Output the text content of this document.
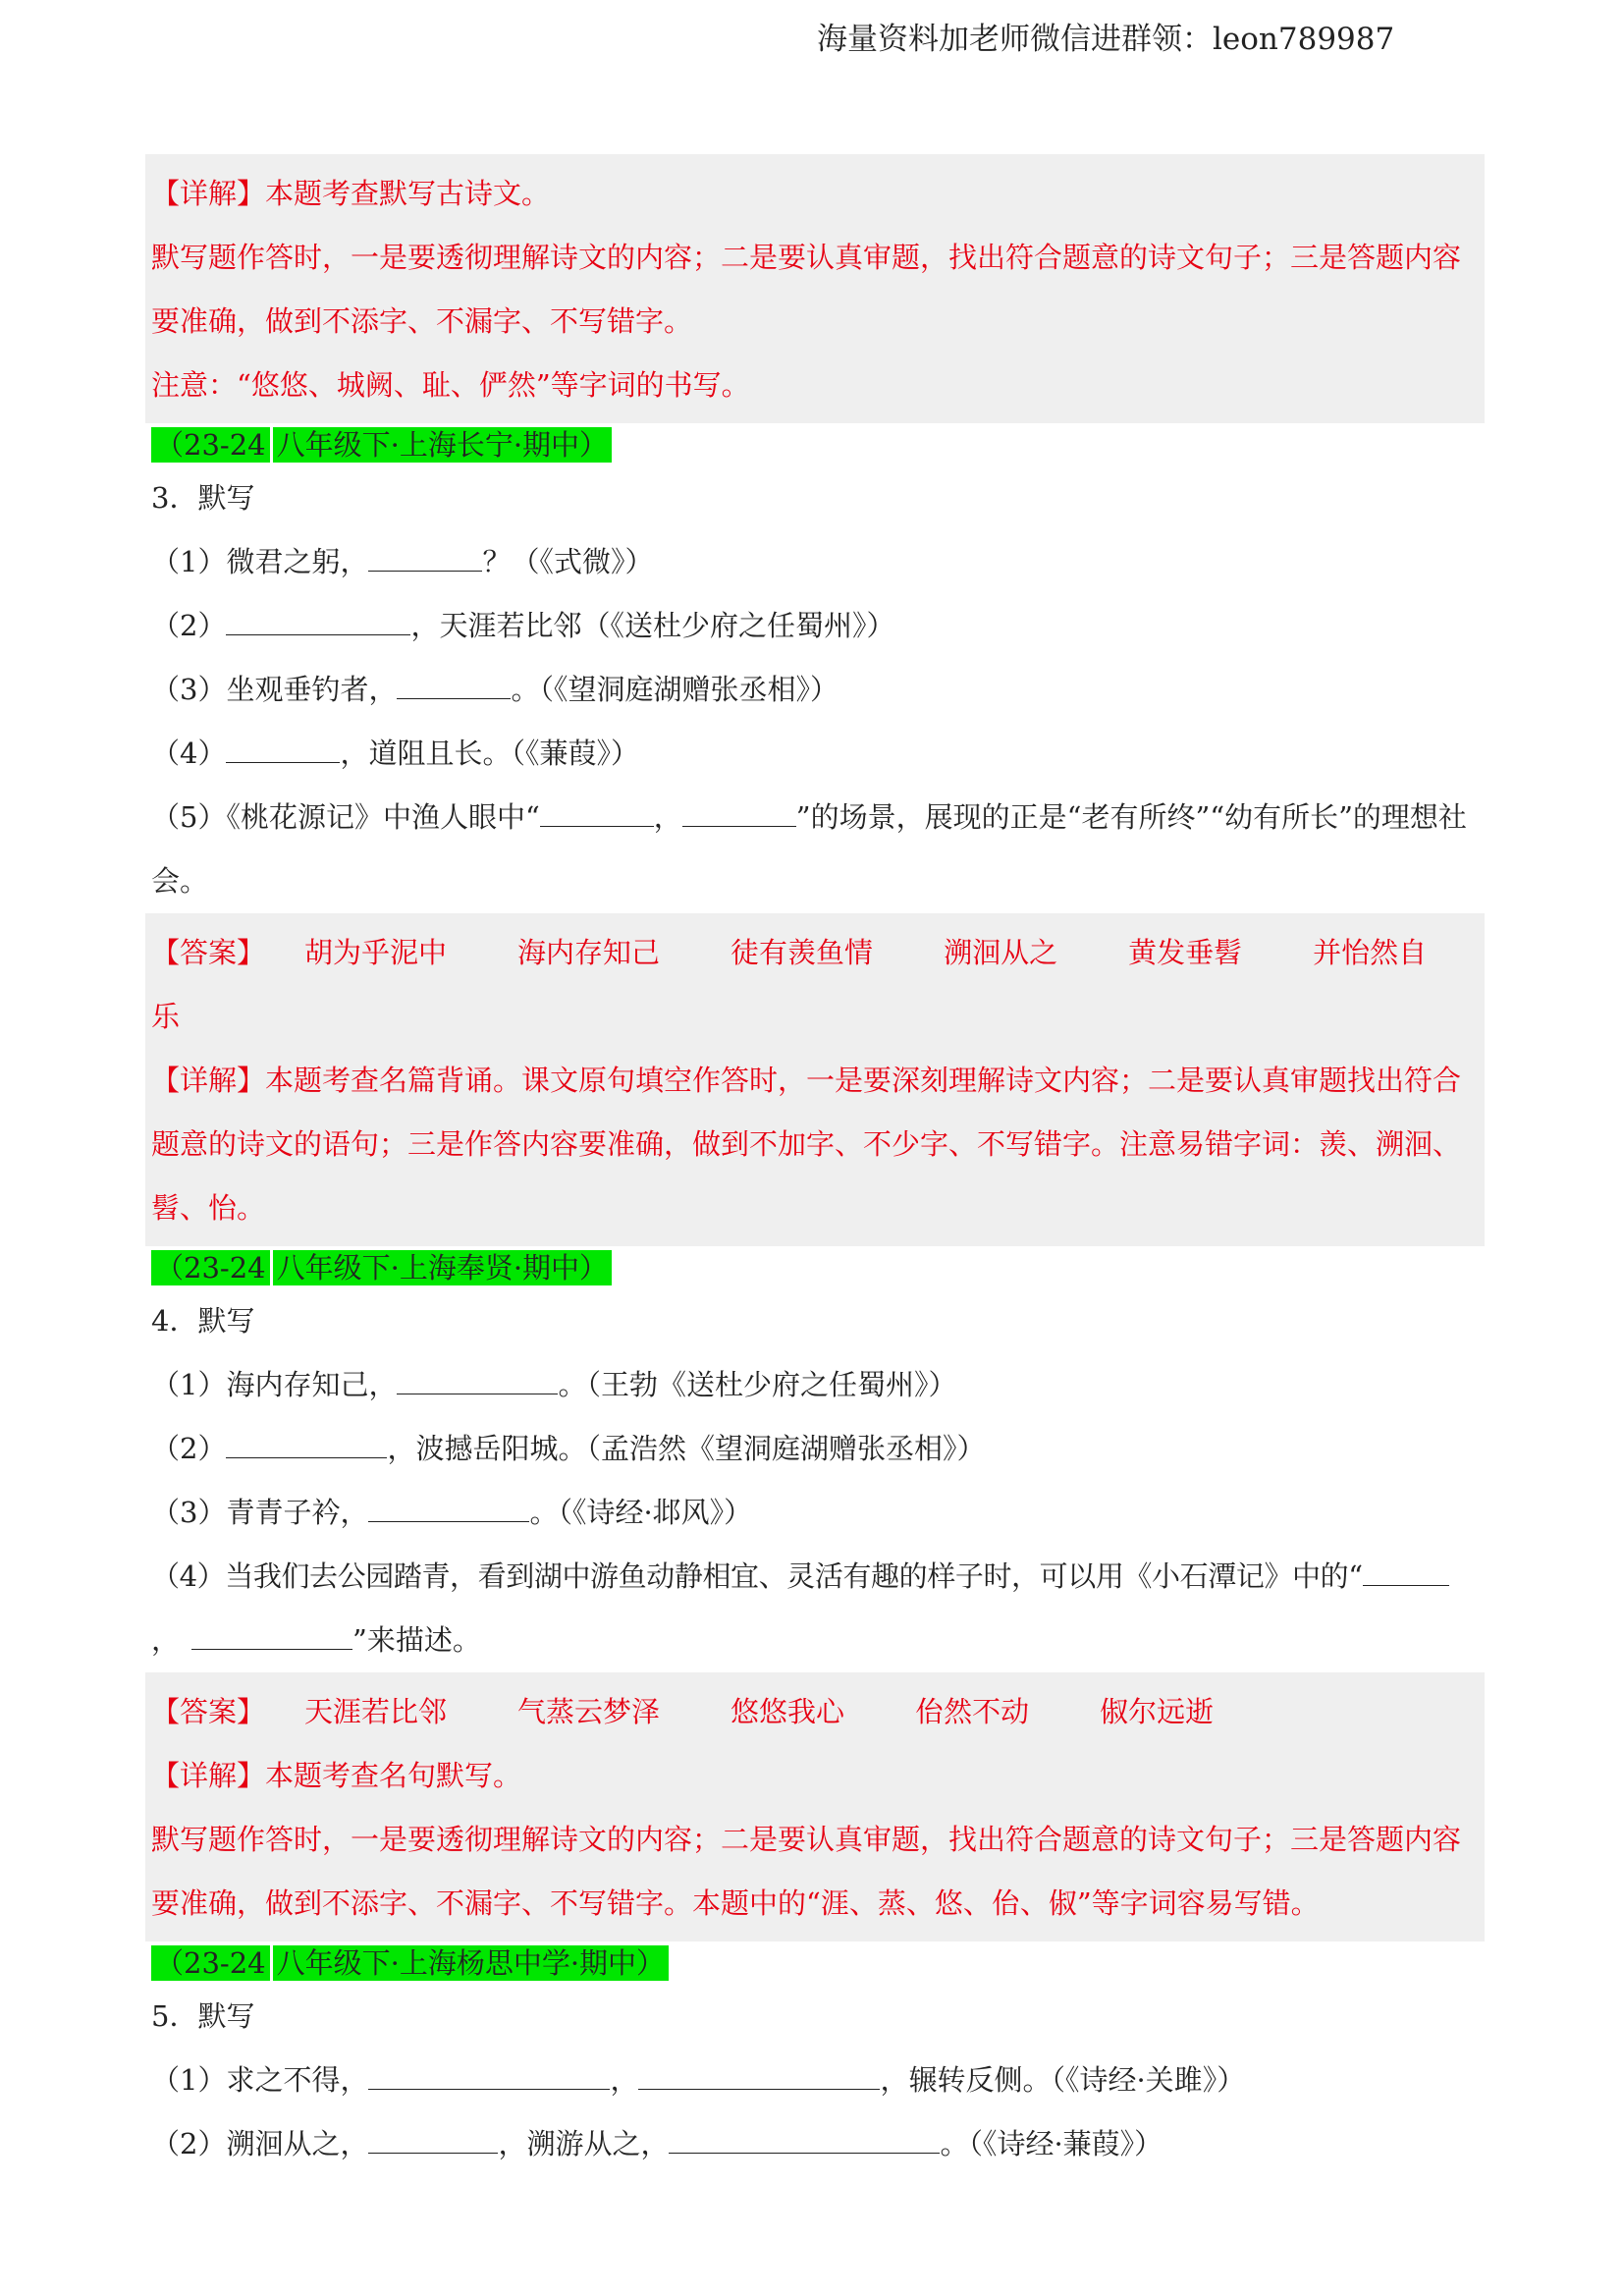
海量资料加老师微信进群领：leon789987
【详解】本题考查默写古诗文。
默写题作答时，一是要透彻理解诗文的内容；二是要认真审题，找出符合题意的诗文句子；三是答题内容
要准确，做到不添字、不漏字、不写错字。
注意：“悠悠、城阙、耻、俨然”等字词的书写。
（23-24 八年级下·上海长宁·期中）
3．默写
（1）微君之躬，	？（《式微》）
（2）	，天涯若比邻（《送杜少府之任蜀州》）
（3）坐观垂钓者，	。（《望洞庭湖赠张丞相》）
（4）	，道阻且长。（《蒹葭》）
（5）《桃花源记》中渔人眼中“	，	”的场景，展现的正是“老有所终”“幼有所长”的理想社
会。
【答案】 胡为乎泥中 海内存知己 徒有羡鱼情 溯洄从之 黄发垂髫 并怡然自
乐
【详解】本题考查名篇背诵。课文原句填空作答时，一是要深刻理解诗文内容；二是要认真审题找出符合
题意的诗文的语句；三是作答内容要准确，做到不加字、不少字、不写错字。注意易错字词：羡、溯洄、
髫、怡。
（23-24 八年级下·上海奉贤·期中）
4．默写
（1）海内存知己，	。（王勃《送杜少府之任蜀州》）
（2）	，波撼岳阳城。（孟浩然《望洞庭湖赠张丞相》）
（3）青青子衿，	。（《诗经·邶风》）
（4）当我们去公园踏青，看到湖中游鱼动静相宜、灵活有趣的样子时，可以用《小石潭记》中的“
，	”来描述。
【答案】 天涯若比邻 气蒸云梦泽 悠悠我心 佁然不动 俶尔远逝
【详解】本题考查名句默写。
默写题作答时，一是要透彻理解诗文的内容；二是要认真审题，找出符合题意的诗文句子；三是答题内容
要准确，做到不添字、不漏字、不写错字。本题中的“涯、蒸、悠、佁、俶”等字词容易写错。
（23-24 八年级下·上海杨思中学·期中）
5．默写
（1）求之不得，	，	，辗转反侧。（《诗经·关雎》）
（2）溯洄从之，	，溯游从之，	。（《诗经·蒹葭》）
